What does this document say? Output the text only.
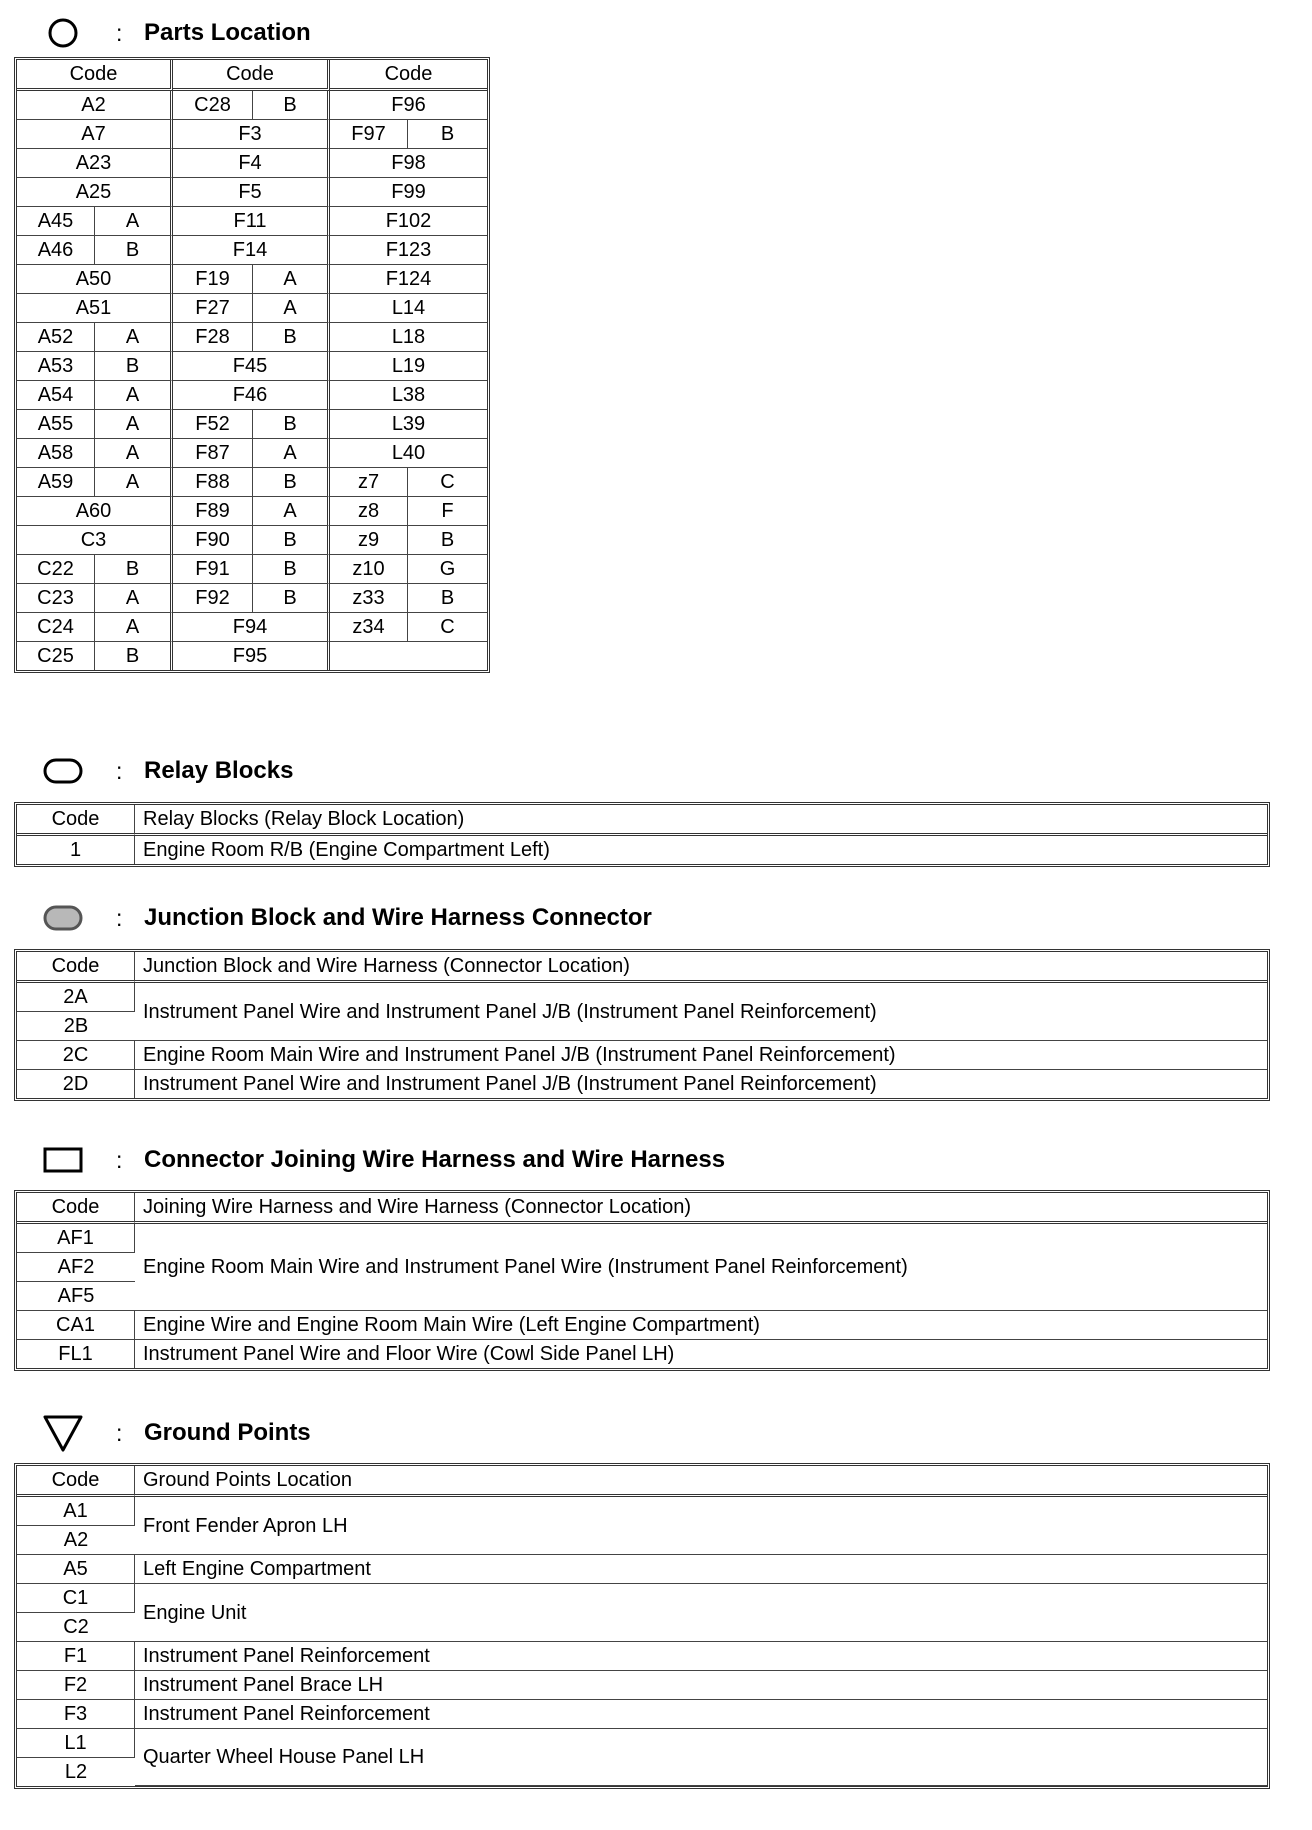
: Parts Location
Code		Code		Code	
A2		C28	B	F96	
A7		F3		F97	B
A23		F4		F98	
A25		F5		F99	
A45	A	F11		F102	
A46	B	F14		F123	
A50		F19	A	F124	
A51		F27	A	L14	
A52	A	F28	B	L18	
A53	B	F45		L19	
A54	A	F46		L38	
A55	A	F52	B	L39	
A58	A	F87	A	L40	
A59	A	F88	B	z7	C
A60		F89	A	z8	F
C3		F90	B	z9	B
C22	B	F91	B	z10	G
C23	A	F92	B	z33	B
C24	A	F94		z34	C
C25	B	F95			
: Relay Blocks
Code	Relay Blocks (Relay Block Location)
1	Engine Room R/B (Engine Compartment Left)
: Junction Block and Wire Harness Connector
Code	Junction Block and Wire Harness (Connector Location)
2A	Instrument Panel Wire and Instrument Panel J/B (Instrument Panel Reinforcement)
2B	
2C	Engine Room Main Wire and Instrument Panel J/B (Instrument Panel Reinforcement)
2D	Instrument Panel Wire and Instrument Panel J/B (Instrument Panel Reinforcement)
: Connector Joining Wire Harness and Wire Harness
Code	Joining Wire Harness and Wire Harness (Connector Location)
AF1	Engine Room Main Wire and Instrument Panel Wire (Instrument Panel Reinforcement)
AF2	
AF5	
CA1	Engine Wire and Engine Room Main Wire (Left Engine Compartment)
FL1	Instrument Panel Wire and Floor Wire (Cowl Side Panel LH)
: Ground Points
Code	Ground Points Location
A1	Front Fender Apron LH
A2	
A5	Left Engine Compartment
C1	Engine Unit
C2	
F1	Instrument Panel Reinforcement
F2	Instrument Panel Brace LH
F3	Instrument Panel Reinforcement
L1	Quarter Wheel House Panel LH
L2	
